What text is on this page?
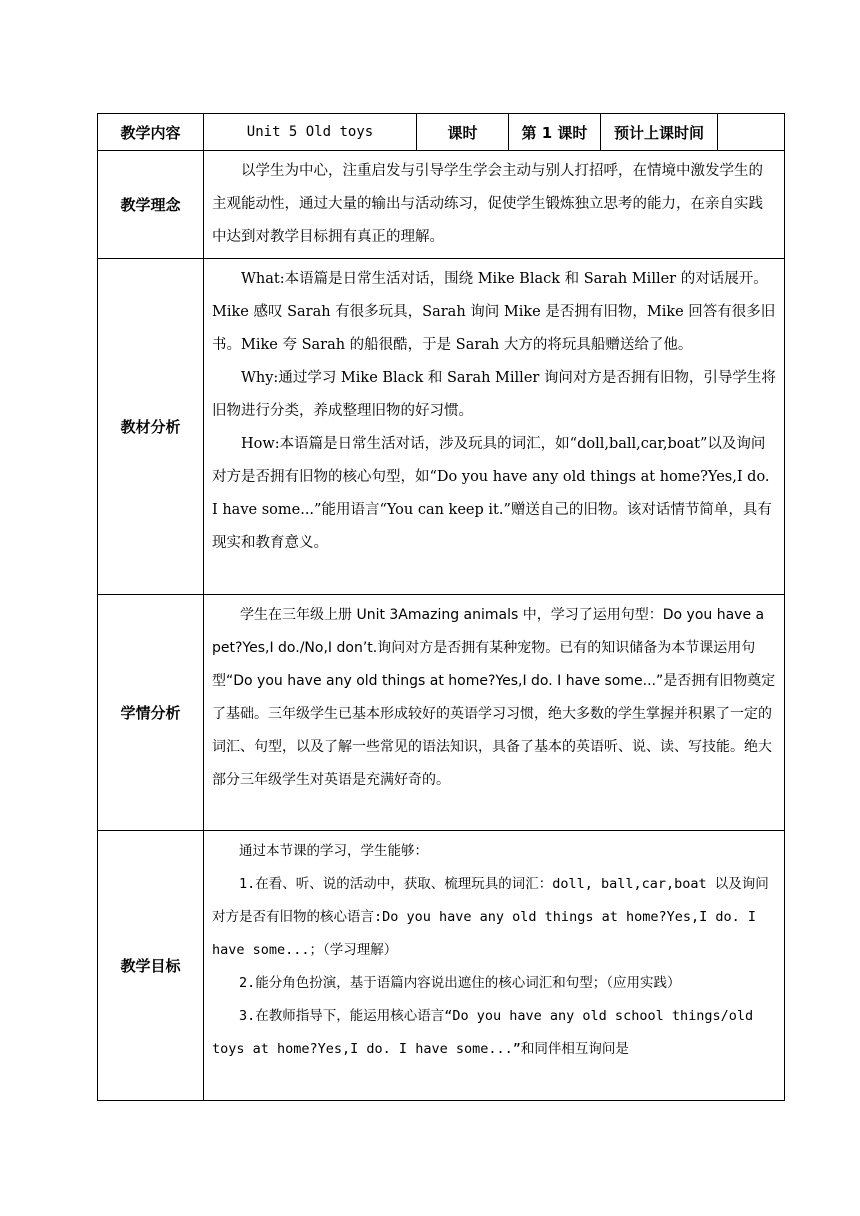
教学内容	Unit 5 Old toys	课时	第 1 课时	预计上课时间	
教学理念	以学生为中心，注重启发与引导学生学会主动与别人打招呼，在情境中激发学生的主观能动性，通过大量的输出与活动练习，促使学生锻炼独立思考的能力，在亲自实践中达到对教学目标拥有真正的理解。				

教材分析	What:本语篇是日常生活对话，围绕 Mike Black 和 Sarah Miller 的对话展开。Mike 感叹 Sarah 有很多玩具，Sarah 询问 Mike 是否拥有旧物，Mike 回答有很多旧书。Mike 夸 Sarah 的船很酷，于是 Sarah 大方的将玩具船赠送给了他。

Why:通过学习 Mike Black 和 Sarah Miller 询问对方是否拥有旧物，引导学生将旧物进行分类，养成整理旧物的好习惯。

How:本语篇是日常生活对话，涉及玩具的词汇，如“doll,ball,car,boat”以及询问对方是否拥有旧物的核心句型，如“Do you have any old things at home?Yes,I do. I have some...”能用语言“You can keep it.”赠送自己的旧物。该对话情节简单，具有现实和教育意义。				

学情分析	学生在三年级上册 Unit 3Amazing animals 中，学习了运用句型：Do you have a pet?Yes,I do./No,I don’t.询问对方是否拥有某种宠物。已有的知识储备为本节课运用句型“Do you have any old things at home?Yes,I do. I have some...”是否拥有旧物奠定了基础。三年级学生已基本形成较好的英语学习习惯，绝大多数的学生掌握并积累了一定的词汇、句型，以及了解一些常见的语法知识，具备了基本的英语听、说、读、写技能。绝大部分三年级学生对英语是充满好奇的。				

教学目标	通过本节课的学习，学生能够：

1.在看、听、说的活动中，获取、梳理玩具的词汇：doll, ball,car,boat 以及询问对方是否有旧物的核心语言:Do you have any old things at home?Yes,I do. I have some...；（学习理解）

2.能分角色扮演，基于语篇内容说出遮住的核心词汇和句型；（应用实践）

3.在教师指导下，能运用核心语言“Do you have any old school things/old toys at home?Yes,I do. I have some...”和同伴相互询问是				
